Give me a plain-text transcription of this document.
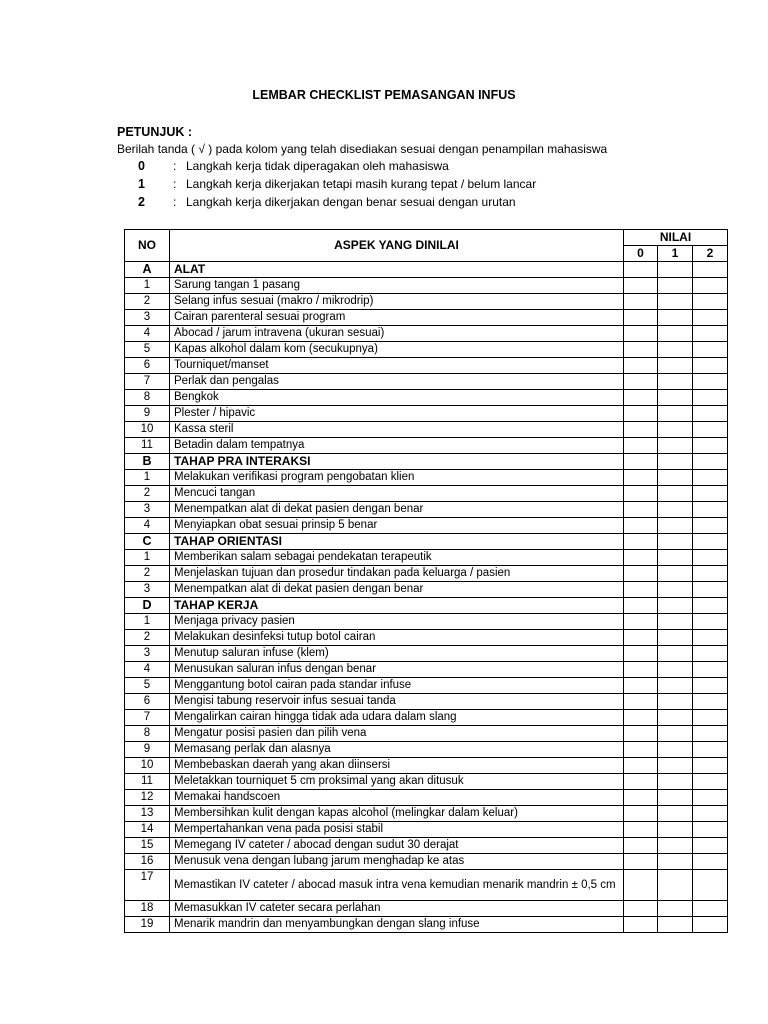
LEMBAR CHECKLIST PEMASANGAN INFUS
PETUNJUK :
Berilah tanda ( √ ) pada kolom yang telah disediakan sesuai dengan penampilan mahasiswa
0 : Langkah kerja tidak diperagakan oleh mahasiswa
1 : Langkah kerja dikerjakan tetapi masih kurang tepat / belum lancar
2 : Langkah kerja dikerjakan dengan benar sesuai dengan urutan
NO	ASPEK YANG DINILAI	NILAI		
		0	1	2
A	ALAT			
1	Sarung tangan 1 pasang			
2	Selang infus sesuai (makro / mikrodrip)			
3	Cairan parenteral sesuai program			
4	Abocad / jarum intravena (ukuran sesuai)			
5	Kapas alkohol dalam kom (secukupnya)			
6	Tourniquet/manset			
7	Perlak dan pengalas			
8	Bengkok			
9	Plester / hipavic			
10	Kassa steril			
11	Betadin dalam tempatnya			
B	TAHAP PRA INTERAKSI			
1	Melakukan verifikasi program pengobatan klien			
2	Mencuci tangan			
3	Menempatkan alat di dekat pasien dengan benar			
4	Menyiapkan obat sesuai prinsip 5 benar			
C	TAHAP ORIENTASI			
1	Memberikan salam sebagai pendekatan terapeutik			
2	Menjelaskan tujuan dan prosedur tindakan pada keluarga / pasien			
3	Menempatkan alat di dekat pasien dengan benar			
D	TAHAP KERJA			
1	Menjaga privacy pasien			
2	Melakukan desinfeksi tutup botol cairan			
3	Menutup saluran infuse (klem)			
4	Menusukan saluran infus dengan benar			
5	Menggantung botol cairan pada standar infuse			
6	Mengisi tabung reservoir infus sesuai tanda			
7	Mengalirkan cairan hingga tidak ada udara dalam slang			
8	Mengatur posisi pasien dan pilih vena			
9	Memasang perlak dan alasnya			
10	Membebaskan daerah yang akan diinsersi			
11	Meletakkan tourniquet 5 cm proksimal yang akan ditusuk			
12	Memakai handscoen			
13	Membersihkan kulit dengan kapas alcohol (melingkar dalam keluar)			
14	Mempertahankan vena pada posisi stabil			
15	Memegang IV cateter / abocad dengan sudut 30 derajat			
16	Menusuk vena dengan lubang jarum menghadap ke atas			
17	Memastikan IV cateter / abocad masuk intra vena kemudian menarik mandrin ± 0,5 cm			
18	Memasukkan IV cateter secara perlahan			
19	Menarik mandrin dan menyambungkan dengan slang infuse			
